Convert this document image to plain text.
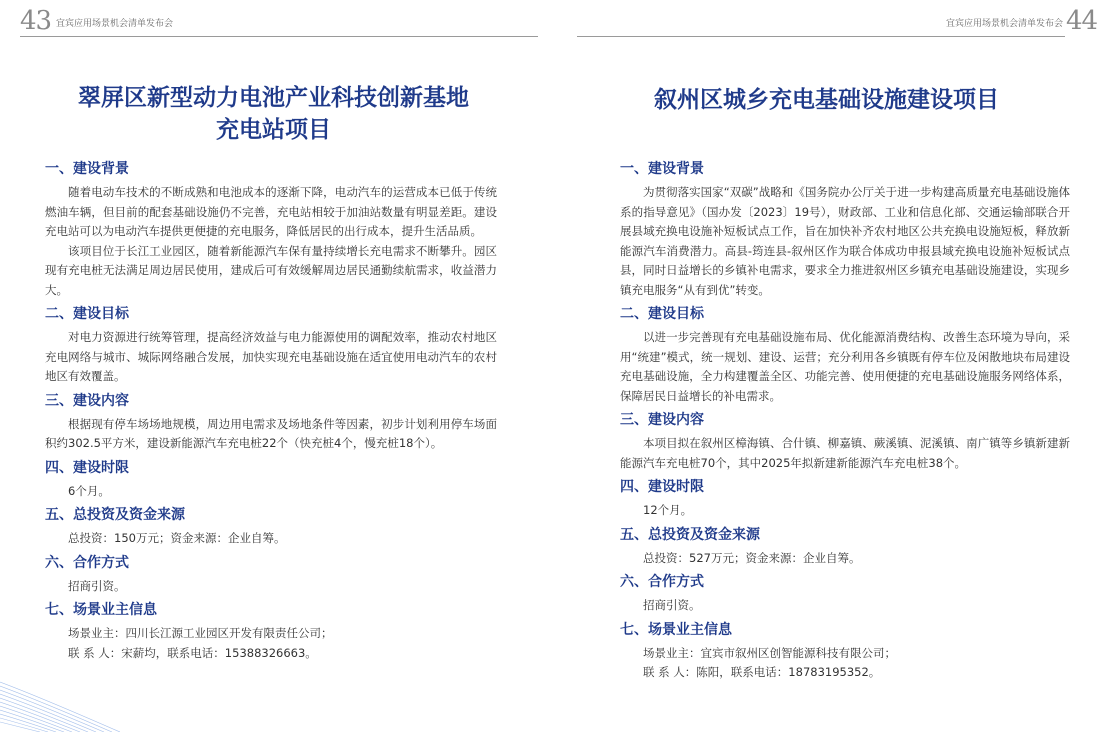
43 宜宾应用场景机会清单发布会
翠屏区新型动力电池产业科技创新基地
充电站项目
一、建设背景

随着电动车技术的不断成熟和电池成本的逐渐下降，电动汽车的运营成本已低于传统燃油车辆，但目前的配套基础设施仍不完善，充电站相较于加油站数量有明显差距。建设充电站可以为电动汽车提供更便捷的充电服务，降低居民的出行成本，提升生活品质。

该项目位于长江工业园区，随着新能源汽车保有量持续增长充电需求不断攀升。园区现有充电桩无法满足周边居民使用，建成后可有效缓解周边居民通勤续航需求，收益潜力大。

二、建设目标

对电力资源进行统筹管理，提高经济效益与电力能源使用的调配效率，推动农村地区充电网络与城市、城际网络融合发展，加快实现充电基础设施在适宜使用电动汽车的农村地区有效覆盖。

三、建设内容

根据现有停车场场地规模，周边用电需求及场地条件等因素，初步计划利用停车场面积约302.5平方米，建设新能源汽车充电桩22个（快充桩4个，慢充桩18个）。

四、建设时限

6个月。

五、总投资及资金来源

总投资：150万元；资金来源：企业自筹。

六、合作方式

招商引资。

七、场景业主信息

场景业主：四川长江源工业园区开发有限责任公司；

联 系 人：宋薪均，联系电话：15388326663。

宜宾应用场景机会清单发布会 44
叙州区城乡充电基础设施建设项目
一、建设背景

为贯彻落实国家“双碳”战略和《国务院办公厅关于进一步构建高质量充电基础设施体系的指导意见》（国办发〔2023〕19号），财政部、工业和信息化部、交通运输部联合开展县域充换电设施补短板试点工作，旨在加快补齐农村地区公共充换电设施短板，释放新能源汽车消费潜力。高县-筠连县-叙州区作为联合体成功申报县域充换电设施补短板试点县，同时日益增长的乡镇补电需求，要求全力推进叙州区乡镇充电基础设施建设，实现乡镇充电服务“从有到优”转变。

二、建设目标

以进一步完善现有充电基础设施布局、优化能源消费结构、改善生态环境为导向，采用“统建”模式，统一规划、建设、运营；充分利用各乡镇既有停车位及闲散地块布局建设充电基础设施，全力构建覆盖全区、功能完善、使用便捷的充电基础设施服务网络体系，保障居民日益增长的补电需求。

三、建设内容

本项目拟在叙州区樟海镇、合什镇、柳嘉镇、蕨溪镇、泥溪镇、南广镇等乡镇新建新能源汽车充电桩70个，其中2025年拟新建新能源汽车充电桩38个。

四、建设时限

12个月。

五、总投资及资金来源

总投资：527万元；资金来源：企业自筹。

六、合作方式

招商引资。

七、场景业主信息

场景业主：宜宾市叙州区创智能源科技有限公司；

联 系 人：陈阳，联系电话：18783195352。
